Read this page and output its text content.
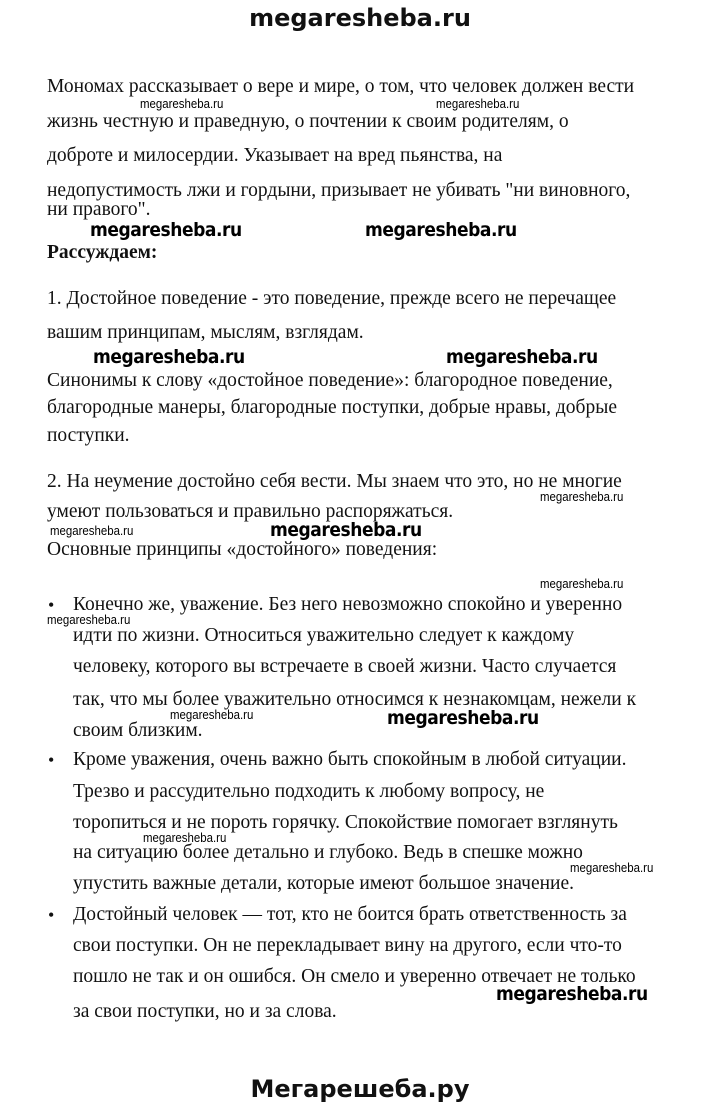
megaresheba.ru
Мономах рассказывает о вере и мире, о том, что человек должен вести
жизнь честную и праведную, о почтении к своим родителям, о
доброте и милосердии. Указывает на вред пьянства, на
недопустимость лжи и гордыни, призывает не убивать "ни виновного,
ни правого".
Рассуждаем:
1. Достойное поведение - это поведение, прежде всего не перечащее
вашим принципам, мыслям, взглядам.
Синонимы к слову «достойное поведение»: благородное поведение,
благородные манеры, благородные поступки, добрые нравы, добрые
поступки.
2. На неумение достойно себя вести. Мы знаем что это, но не многие
умеют пользоваться и правильно распоряжаться.
Основные принципы «достойного» поведения:
• Конечно же, уважение. Без него невозможно спокойно и уверенно
идти по жизни. Относиться уважительно следует к каждому
человеку, которого вы встречаете в своей жизни. Часто случается
так, что мы более уважительно относимся к незнакомцам, нежели к
своим близким.
• Кроме уважения, очень важно быть спокойным в любой ситуации.
Трезво и рассудительно подходить к любому вопросу, не
торопиться и не пороть горячку. Спокойствие помогает взглянуть
на ситуацию более детально и глубоко. Ведь в спешке можно
упустить важные детали, которые имеют большое значение.
• Достойный человек — тот, кто не боится брать ответственность за
свои поступки. Он не перекладывает вину на другого, если что-то
пошло не так и он ошибся. Он смело и уверенно отвечает не только
за свои поступки, но и за слова.
megaresheba.ru	megaresheba.ru
megaresheba.ru	megaresheba.ru
megaresheba.ru	megaresheba.ru
megaresheba.ru
megaresheba.ru	megaresheba.ru
megaresheba.ru
megaresheba.ru
megaresheba.ru	megaresheba.ru
megaresheba.ru
megaresheba.ru
megaresheba.ru
Мегарешеба.ру
